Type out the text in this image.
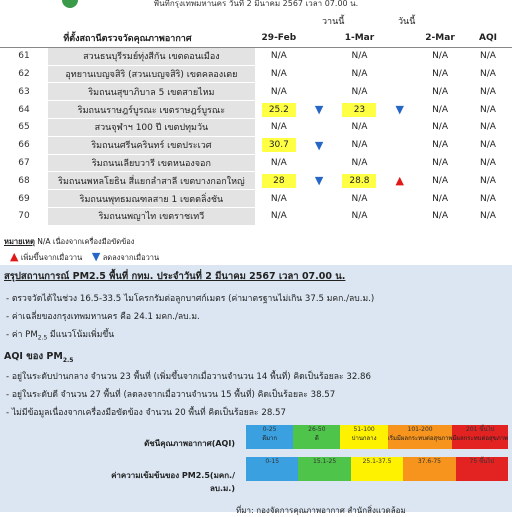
พื้นที่กรุงเทพมหานคร วันที่ 2 มีนาคม 2567 เวลา 07.00 น.
วานนี้	วันนี้
ที่ตั้งสถานีตรวจวัดคุณภาพอากาศ		29-Feb		1-Mar		2-Mar	AQI
61	สวนธนบุรีรมย์ทุ่งสีกัน เขตดอนเมือง	N/A		N/A		N/A	N/A
62	อุทยานเบญจสิริ (สวนเบญจสิริ) เขตคลองเตย	N/A		N/A		N/A	N/A
63	ริมถนนสุขาภิบาล 5 เขตสายไหม	N/A		N/A		N/A	N/A
64	ริมถนนราษฎร์บูรณะ เขตราษฎร์บูรณะ	25.2	▼	23	▼	N/A	N/A
65	สวนจุฬาฯ 100 ปี เขตปทุมวัน	N/A		N/A		N/A	N/A
66	ริมถนนศรีนครินทร์ เขตประเวศ	30.7	▼	N/A		N/A	N/A
67	ริมถนนเลียบวารี เขตหนองจอก	N/A		N/A		N/A	N/A
68	ริมถนนพหลโยธิน สี่แยกลำสาลี เขตบางกอกใหญ่	28	▼	28.8	▲	N/A	N/A
69	ริมถนนพุทธมณฑลสาย 1 เขตตลิ่งชัน	N/A		N/A		N/A	N/A
70	ริมถนนพญาไท เขตราชเทวี	N/A		N/A		N/A	N/A
หมายเหตุ N/A เนื่องจากเครื่องมือขัดข้อง
▲ เพิ่มขึ้นจากเมื่อวาน ▼ ลดลงจากเมื่อวาน
สรุปสถานการณ์ PM2.5 พื้นที่ กทม. ประจำวันที่ 2 มีนาคม 2567 เวลา 07.00 น.
- ตรวจวัดได้ในช่วง 16.5-33.5 ไมโครกรัมต่อลูกบาศก์เมตร (ค่ามาตรฐานไม่เกิน 37.5 มคก./ลบ.ม.)
- ค่าเฉลี่ยของกรุงเทพมหานคร คือ 24.1 มคก./ลบ.ม.
- ค่า $PM_{2.5}$ มีแนวโน้มเพิ่มขึ้น
AQI ของ $PM_{2.5}$
- อยู่ในระดับปานกลาง จำนวน 23 พื้นที่ (เพิ่มขึ้นจากเมื่อวานจำนวน 14 พื้นที่) คิดเป็นร้อยละ 32.86
- อยู่ในระดับดี จำนวน 27 พื้นที่ (ลดลงจากเมื่อวานจำนวน 15 พื้นที่) คิดเป็นร้อยละ 38.57
- ไม่มีข้อมูลเนื่องจากเครื่องมือขัดข้อง จำนวน 20 พื้นที่ คิดเป็นร้อยละ 28.57
ดัชนีคุณภาพอากาศ(AQI)
0-25
ดีมาก
26-50
ดี
51-100
ปานกลาง
101-200
เริ่มมีผลกระทบต่อสุขภาพ
201 ขึ้นไป
มีผลกระทบต่อสุขภาพ
ค่าความเข้มข้นของ PM2.5(มคก./ลบ.ม.)
0-15	15.1-25	25.1-37.5	37.6-75	75 ขึ้นไป
ที่มา: กองจัดการคุณภาพอากาศ สำนักสิ่งแวดล้อม
